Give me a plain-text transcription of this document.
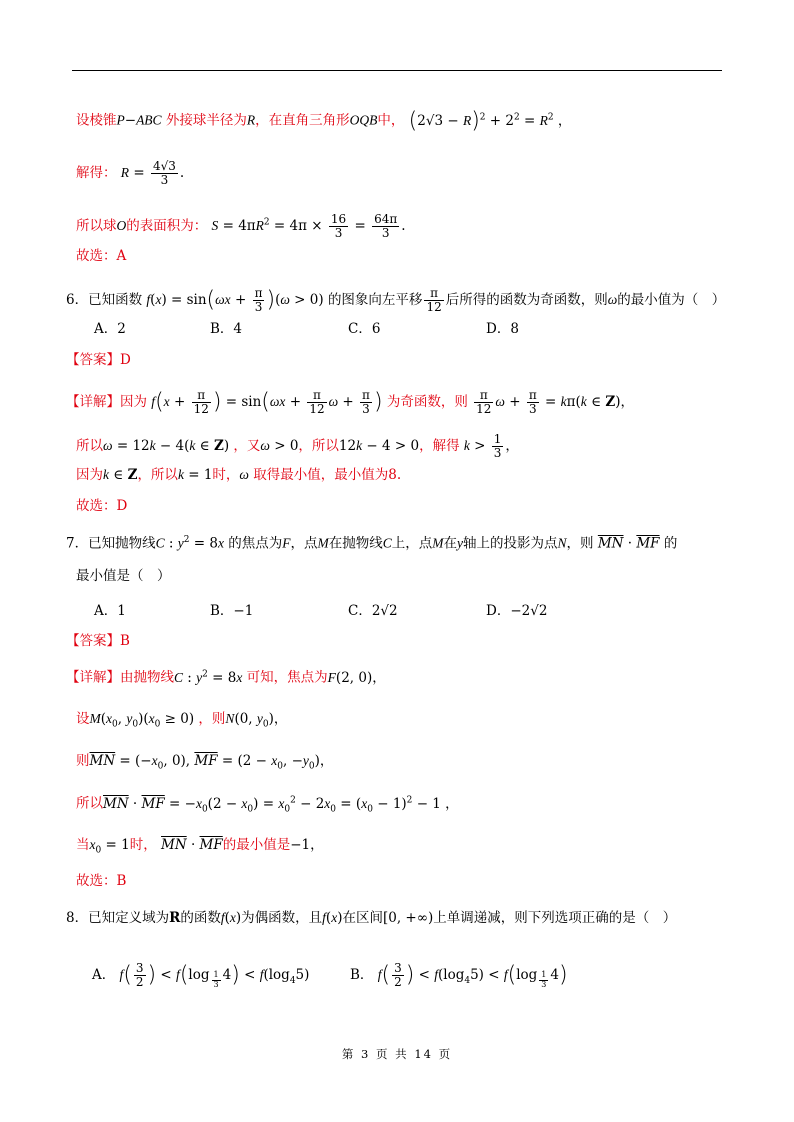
设棱锥P−ABC 外接球半径为R，在直角三角形OQB中， $(2√3 - R)^2 + 2^2 = R^2$ ，
解得： $R = \frac{4√3}{3}$ .
所以球O的表面积为： $S = 4\pi R^2 = 4\pi \times \frac{16}{3} = \frac{64\pi}{3}$ .
故选：A
6．已知函数 $f(x) = \sin(\omega x + \frac{\pi}{3} )(\omega > 0)$ 的图象向左平移 $\frac{\pi}{12}$ 后所得的函数为奇函数，则ω的最小值为（　）
A．2	B．4	C．6	D．8
【答案】D
【详解】因为 $f(x + \frac{\pi}{12}$ ) = $\sin(\omega x + \frac{\pi}{12}$ $\omega + \frac{\pi}{3}$ ) 为奇函数，则 $\frac{\pi}{12}$ $\omega + \frac{\pi}{3} = k\pi(k$ ∈ Z)，
所以ω = 12k − 4(k ∈ Z) ，又ω > 0，所以12k − 4 > 0，解得 $k > \frac{1}{3}$ ，
因为k ∈ Z，所以k = 1时，ω 取得最小值，最小值为8.
故选：D
7．已知抛物线C : $y^2 = 8x$ 的焦点为F，点M在抛物线C上，点M在y轴上的投影为点N，则 $\overline{MN} \cdot \overline{MF}$ 的
最小值是（　）
A．1	B．−1	C．2√2	D．−2√2
【答案】B
【详解】由抛物线C : $y^2 = 8x$ 可知，焦点为F(2, 0)，
设$M(x_0$, $y_0)(x_0 \ge 0)$ ，则N(0, $y_0$)，
则$\overline{MN} = (-x_0$, 0), $\overline{MF} = (2 - x_0$, $-y_0$)，
所以$\overline{MN} \cdot \overline{MF} = -x_0(2 - x_0) = x_0^2 - 2x_0 = (x_0 - 1)^2 - 1$ ，
当$x_0 = 1$时， $\overline{MN} \cdot \overline{MF}$的最小值是−1，
故选：B
8．已知定义域为R的函数f(x)为偶函数，且f(x)在区间[0, +∞)上单调递减，则下列选项正确的是（　）
A． $f( \frac{3}{2}$ ) < f(log $_{\frac{1}{3}}$ $4) < f(\log_45)$	B． $f( \frac{3}{2}$ ) < $f(\log_45) < f(\log$ $_{\frac{1}{3}}$ 4)
第 3 页 共 14 页
